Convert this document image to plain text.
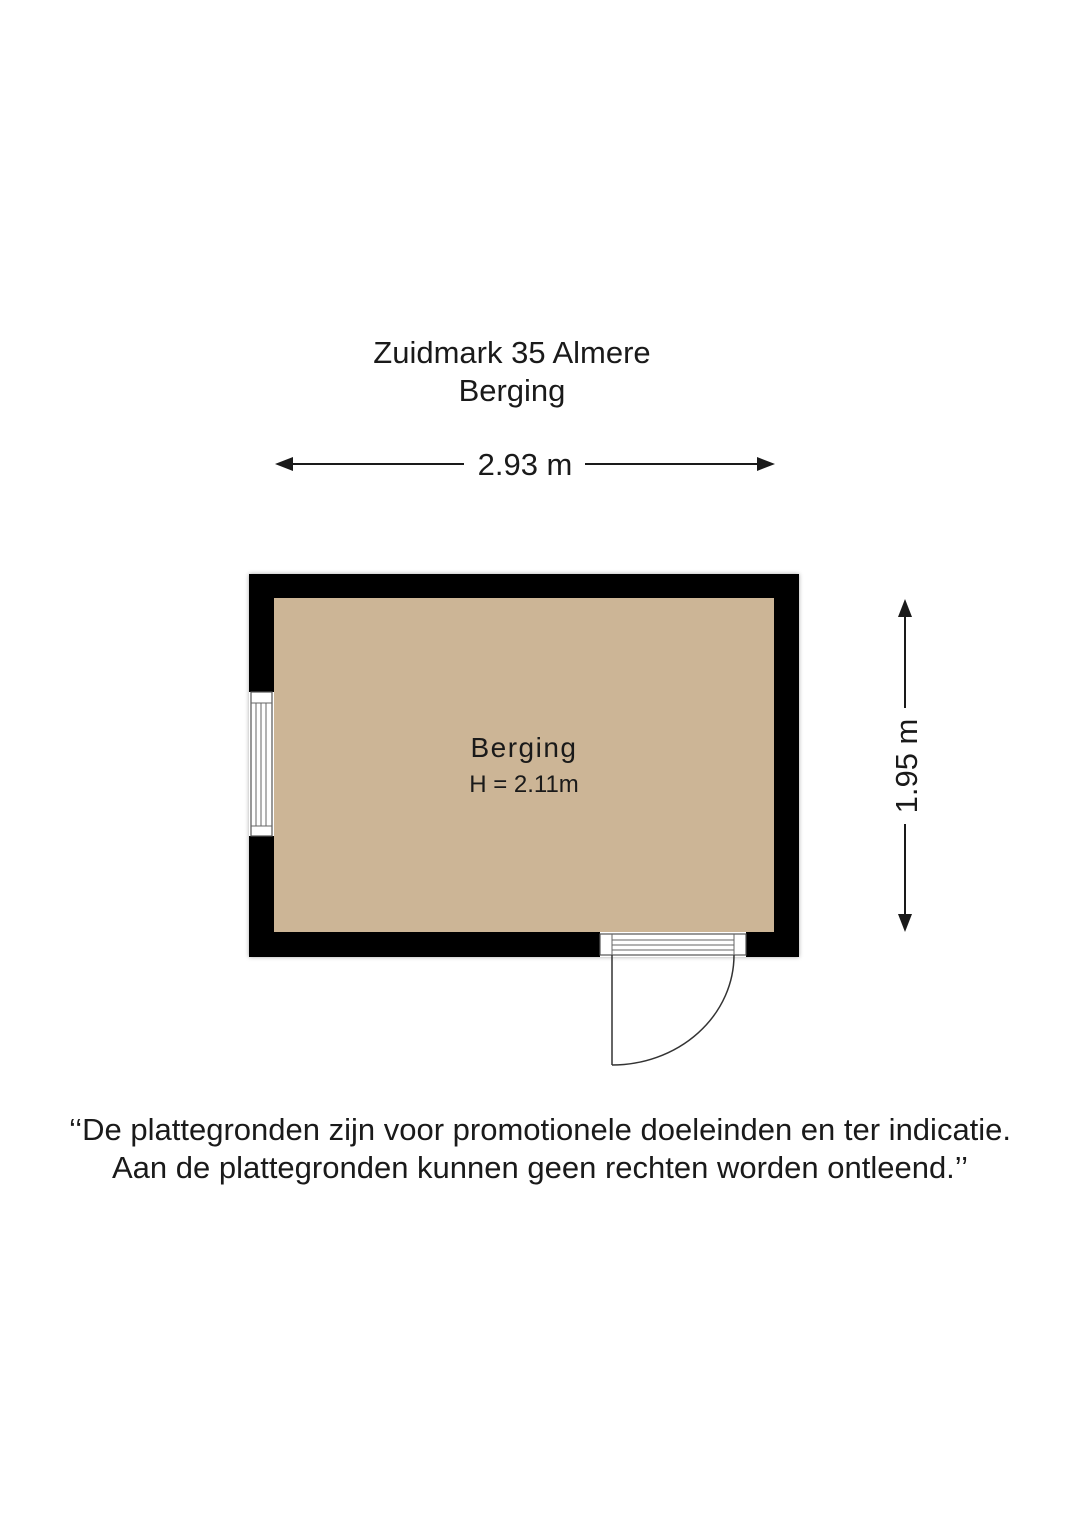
Zuidmark 35 Almere
Berging
2.93 m
1.95 m
Berging
H = 2.11m
‘‘De plattegronden zijn voor promotionele doeleinden en ter indicatie.
Aan de plattegronden kunnen geen rechten worden ontleend.’’
